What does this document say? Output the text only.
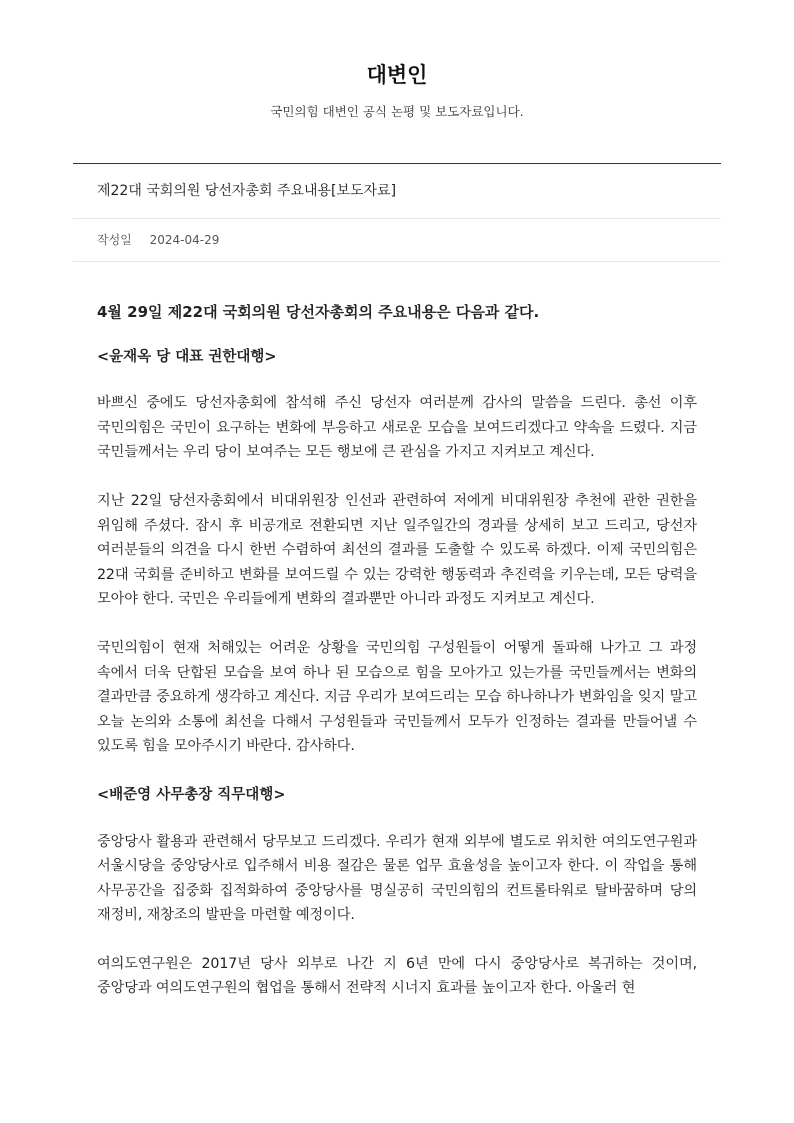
대변인
국민의힘 대변인 공식 논평 및 보도자료입니다.
제22대 국회의원 당선자총회 주요내용[보도자료]
작성일 2024-04-29

4월 29일 제22대 국회의원 당선자총회의 주요내용은 다음과 같다.

<윤재옥 당 대표 권한대행>

바쁘신 중에도 당선자총회에 참석해 주신 당선자 여러분께 감사의 말씀을 드린다. 총선 이후 국민의힘은 국민이 요구하는 변화에 부응하고 새로운 모습을 보여드리겠다고 약속을 드렸다. 지금 국민들께서는 우리 당이 보여주는 모든 행보에 큰 관심을 가지고 지켜보고 계신다.

지난 22일 당선자총회에서 비대위원장 인선과 관련하여 저에게 비대위원장 추천에 관한 권한을 위임해 주셨다. 잠시 후 비공개로 전환되면 지난 일주일간의 경과를 상세히 보고 드리고, 당선자 여러분들의 의견을 다시 한번 수렴하여 최선의 결과를 도출할 수 있도록 하겠다. 이제 국민의힘은 22대 국회를 준비하고 변화를 보여드릴 수 있는 강력한 행동력과 추진력을 키우는데, 모든 당력을 모아야 한다. 국민은 우리들에게 변화의 결과뿐만 아니라 과정도 지켜보고 계신다.

국민의힘이 현재 처해있는 어려운 상황을 국민의힘 구성원들이 어떻게 돌파해 나가고 그 과정 속에서 더욱 단합된 모습을 보여 하나 된 모습으로 힘을 모아가고 있는가를 국민들께서는 변화의 결과만큼 중요하게 생각하고 계신다. 지금 우리가 보여드리는 모습 하나하나가 변화임을 잊지 말고 오늘 논의와 소통에 최선을 다해서 구성원들과 국민들께서 모두가 인정하는 결과를 만들어낼 수 있도록 힘을 모아주시기 바란다. 감사하다.

<배준영 사무총장 직무대행>

중앙당사 활용과 관련해서 당무보고 드리겠다. 우리가 현재 외부에 별도로 위치한 여의도연구원과 서울시당을 중앙당사로 입주해서 비용 절감은 물론 업무 효율성을 높이고자 한다. 이 작업을 통해 사무공간을 집중화 집적화하여 중앙당사를 명실공히 국민의힘의 컨트롤타워로 탈바꿈하며 당의 재정비, 재창조의 발판을 마련할 예정이다.

여의도연구원은 2017년 당사 외부로 나간 지 6년 만에 다시 중앙당사로 복귀하는 것이며, 중앙당과 여의도연구원의 협업을 통해서 전략적 시너지 효과를 높이고자 한다. 아울러 현
